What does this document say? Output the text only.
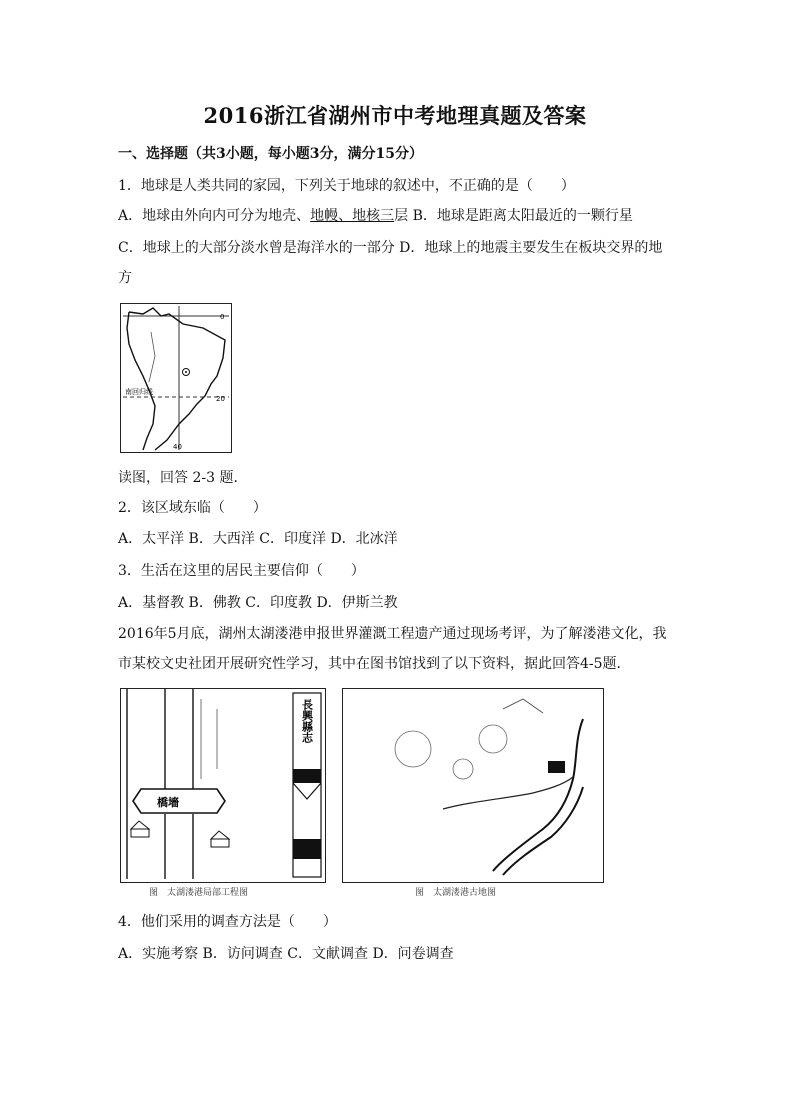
2016浙江省湖州市中考地理真题及答案
一、选择题（共3小题，每小题3分，满分15分）
1．地球是人类共同的家园，下列关于地球的叙述中，不正确的是（　　）
A．地球由外向内可分为地壳、地幔、地核三层 B．地球是距离太阳最近的一颗行星
C．地球上的大部分淡水曾是海洋水的一部分 D．地球上的地震主要发生在板块交界的地
方
0
20
40
南回归线
读图，回答 2-3 题．
2．该区域东临（　　）
A．太平洋 B．大西洋 C．印度洋 D．北冰洋
3．生活在这里的居民主要信仰（　　）
A．基督教 B．佛教 C．印度教 D．伊斯兰教
2016年5月底，湖州太湖溇港申报世界灌溉工程遗产通过现场考评，为了解溇港文化，我
市某校文史社团开展研究性学习，其中在图书馆找到了以下资料，据此回答4-5题．
橋墻
長興縣志
图　太湖溇港局部工程图	图　太湖溇港古地图
4．他们采用的调查方法是（　　）
A．实施考察 B．访问调查 C．文献调查 D．问卷调查
